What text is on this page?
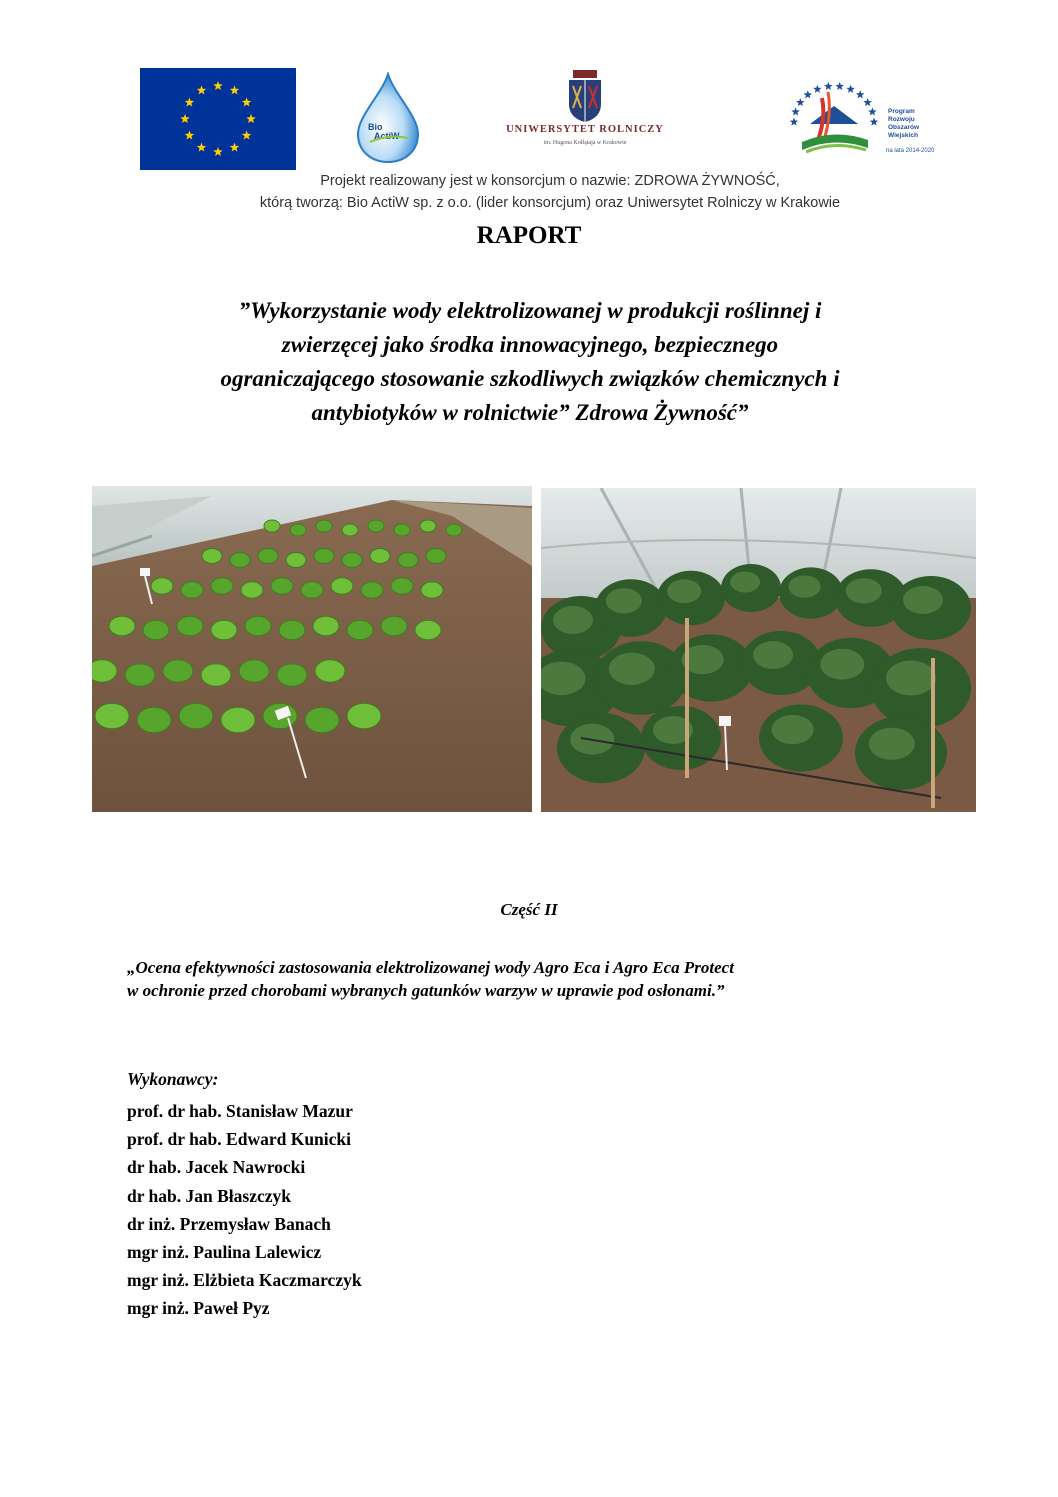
Bio
ActiW
UNIWERSYTET ROLNICZY
im. Hugona Kołłątaja w Krakowie
Program
Rozwoju
Obszarów
Wiejskich
na lata 2014-2020
Projekt realizowany jest w konsorcjum o nazwie: ZDROWA ŻYWNOŚĆ,
którą tworzą: Bio ActiW sp. z o.o. (lider konsorcjum) oraz Uniwersytet Rolniczy w Krakowie
RAPORT
”Wykorzystanie wody elektrolizowanej w produkcji roślinnej i
zwierzęcej jako środka innowacyjnego, bezpiecznego
ograniczającego stosowanie szkodliwych związków chemicznych i
antybiotyków w rolnictwie” Zdrowa Żywność”
Część II
„Ocena efektywności zastosowania elektrolizowanej wody Agro Eca i Agro Eca Protect
w ochronie przed chorobami wybranych gatunków warzyw w uprawie pod osłonami.”
Wykonawcy:
prof. dr hab. Stanisław Mazur
prof. dr hab. Edward Kunicki
dr hab. Jacek Nawrocki
dr hab. Jan Błaszczyk
dr inż. Przemysław Banach
mgr inż. Paulina Lalewicz
mgr inż. Elżbieta Kaczmarczyk
mgr inż. Paweł Pyz
